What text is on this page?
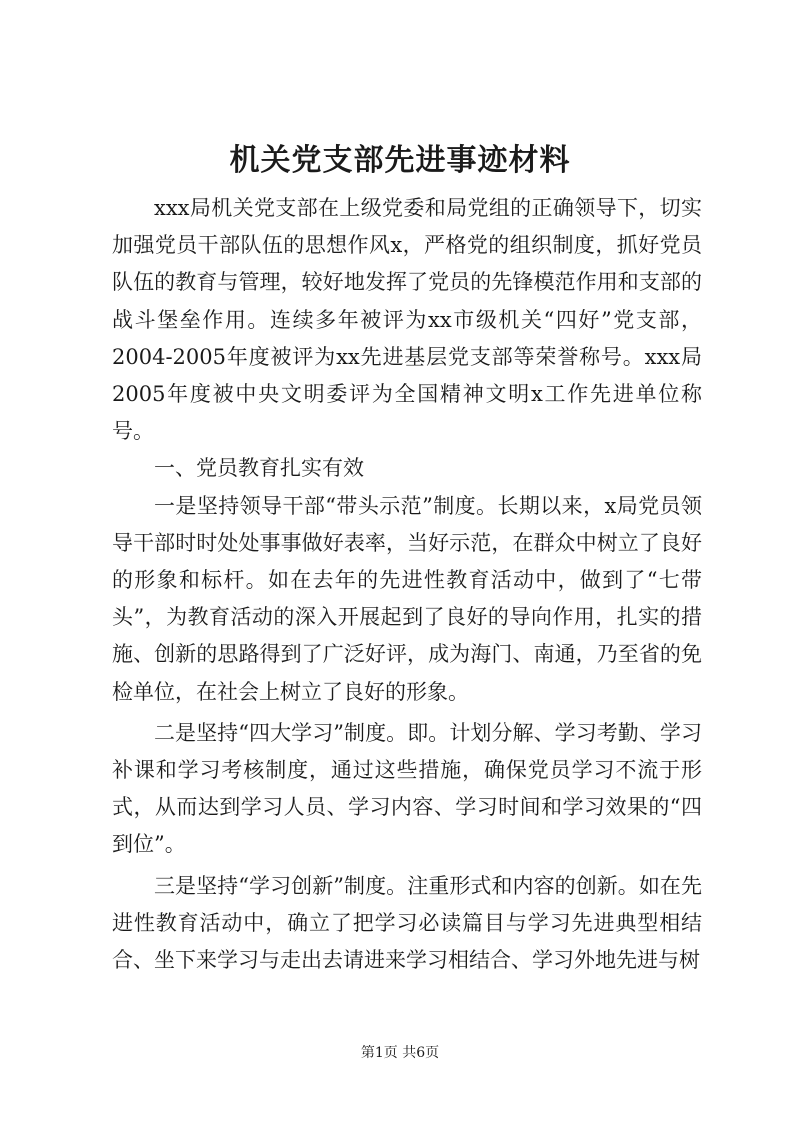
机关党支部先进事迹材料

xxx局机关党支部在上级党委和局党组的正确领导下，切实加强党员干部队伍的思想作风x，严格党的组织制度，抓好党员队伍的教育与管理，较好地发挥了党员的先锋模范作用和支部的战斗堡垒作用。连续多年被评为xx市级机关“四好”党支部，2004-2005年度被评为xx先进基层党支部等荣誉称号。xxx局2005年度被中央文明委评为全国精神文明x工作先进单位称号。

一、党员教育扎实有效

一是坚持领导干部“带头示范”制度。长期以来，x局党员领导干部时时处处事事做好表率，当好示范，在群众中树立了良好的形象和标杆。如在去年的先进性教育活动中，做到了“七带头”，为教育活动的深入开展起到了良好的导向作用，扎实的措施、创新的思路得到了广泛好评，成为海门、南通，乃至省的免检单位，在社会上树立了良好的形象。

二是坚持“四大学习”制度。即。计划分解、学习考勤、学习补课和学习考核制度，通过这些措施，确保党员学习不流于形式，从而达到学习人员、学习内容、学习时间和学习效果的“四到位”。

三是坚持“学习创新”制度。注重形式和内容的创新。如在先进性教育活动中，确立了把学习必读篇目与学习先进典型相结合、坐下来学习与走出去请进来学习相结合、学习外地先进与树

第1页 共6页
